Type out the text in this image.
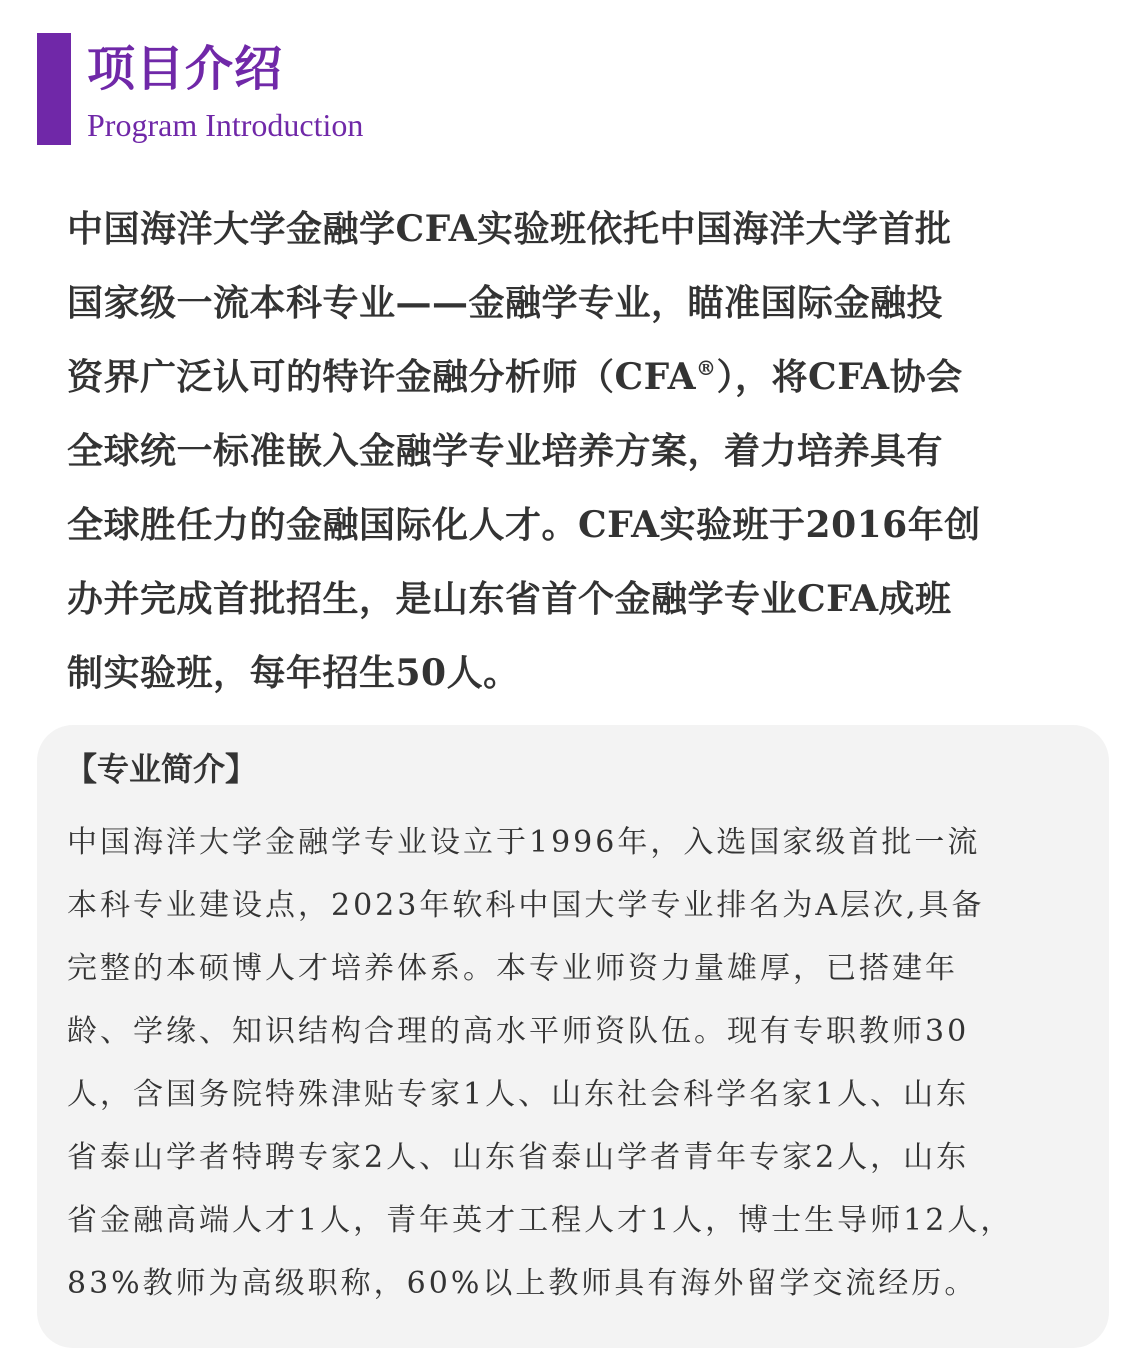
项目介绍
Program Introduction
中国海洋大学金融学CFA实验班依托中国海洋大学首批
国家级一流本科专业——金融学专业，瞄准国际金融投
资界广泛认可的特许金融分析师（CFA®），将CFA协会
全球统一标准嵌入金融学专业培养方案，着力培养具有
全球胜任力的金融国际化人才。CFA实验班于2016年创
办并完成首批招生，是山东省首个金融学专业CFA成班
制实验班，每年招生50人。
【专业简介】
中国海洋大学金融学专业设立于1996年，入选国家级首批一流
本科专业建设点，2023年软科中国大学专业排名为A层次,具备
完整的本硕博人才培养体系。本专业师资力量雄厚，已搭建年
龄、学缘、知识结构合理的高水平师资队伍。现有专职教师30
人，含国务院特殊津贴专家1人、山东社会科学名家1人、山东
省泰山学者特聘专家2人、山东省泰山学者青年专家2人，山东
省金融高端人才1人，青年英才工程人才1人，博士生导师12人，
83%教师为高级职称，60%以上教师具有海外留学交流经历。
